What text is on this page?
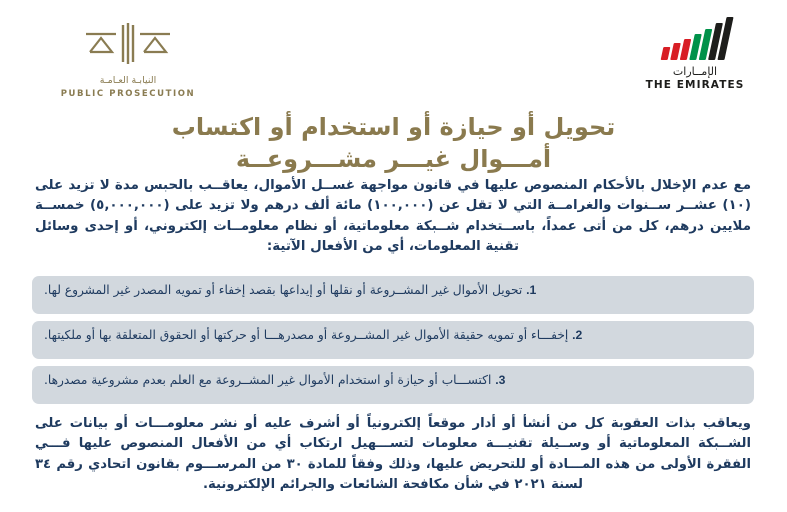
النيابـة العـامـة
PUBLIC PROSECUTION
الإمــارات
THE EMIRATES
تحويل أو حيازة أو استخدام أو اكتساب
أمـــوال غيـــر مشـــروعــة
مع عدم الإخلال بالأحكام المنصوص عليها في قانون مواجهة غســل الأموال، يعاقــب بالحبس مدة لا تزيد على (١٠) عشــر ســنوات والغرامــة التي لا تقل عن (١٠٠,٠٠٠) مائة ألف درهم ولا تزيد على (٥,٠٠٠,٠٠٠) خمســة ملايين درهم، كل من أتى عمداً، باســتخدام شــبكة معلوماتية، أو نظام معلومــات إلكتروني، أو إحدى وسائل تقنية المعلومات، أي من الأفعال الآتية:
1. تحويل الأموال غير المشــروعة أو نقلها أو إيداعها بقصد إخفاء أو تمويه المصدر غير المشروع لها.
2. إخفـــاء أو تمويه حقيقة الأموال غير المشــروعة أو مصدرهـــا أو حركتها أو الحقوق المتعلقة بها أو ملكيتها.
3. اكتســـاب أو حيازة أو استخدام الأموال غير المشــروعة مع العلم بعدم مشروعية مصدرها.
ويعاقب بذات العقوبة كل من أنشأ أو أدار موقعاً إلكترونياً أو أشرف عليه أو نشر معلومـــات أو بيانات على الشــبكة المعلوماتية أو وســيلة تقنيـــة معلومات لتســـهيل ارتكاب أي من الأفعال المنصوص عليها فـــي الفقرة الأولى من هذه المـــادة أو للتحريض عليها، وذلك وفقاً للمادة ٣٠ من المرســـوم بقانون اتحادي رقم ٣٤ لسنة ٢٠٢١ في شأن مكافحة الشائعات والجرائم الإلكترونية.
